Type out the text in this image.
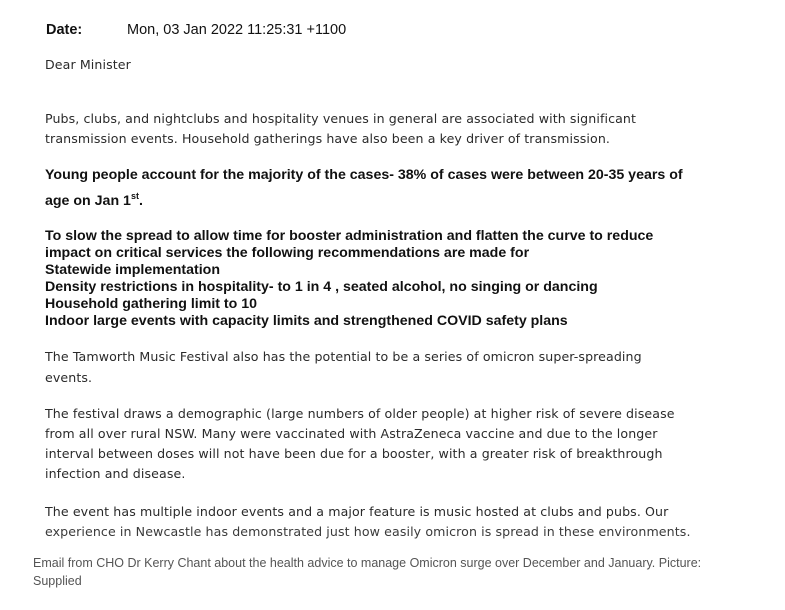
Date:	Mon, 03 Jan 2022 11:25:31 +1100
Dear Minister
Pubs, clubs, and nightclubs and hospitality venues in general are associated with significant
transmission events. Household gatherings have also been a key driver of transmission.
Young people account for the majority of the cases- 38% of cases were between 20-35 years of
age on Jan 1st.
To slow the spread to allow time for booster administration and flatten the curve to reduce
impact on critical services the following recommendations are made for
Statewide implementation
Density restrictions in hospitality- to 1 in 4 , seated alcohol, no singing or dancing
Household gathering limit to 10
Indoor large events with capacity limits and strengthened COVID safety plans
The Tamworth Music Festival also has the potential to be a series of omicron super-spreading
events.
The festival draws a demographic (large numbers of older people) at higher risk of severe disease
from all over rural NSW. Many were vaccinated with AstraZeneca vaccine and due to the longer
interval between doses will not have been due for a booster, with a greater risk of breakthrough
infection and disease.
The event has multiple indoor events and a major feature is music hosted at clubs and pubs. Our
experience in Newcastle has demonstrated just how easily omicron is spread in these environments.
Email from CHO Dr Kerry Chant about the health advice to manage Omicron surge over December and January. Picture: Supplied
